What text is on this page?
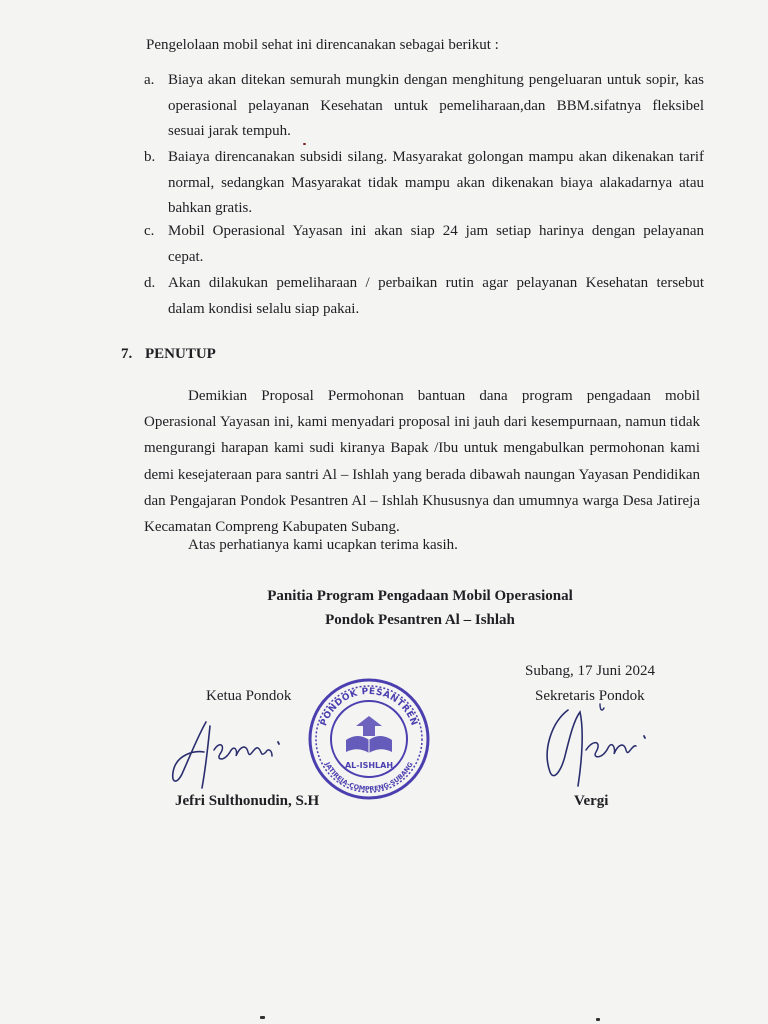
Pengelolaan mobil sehat ini direncanakan sebagai berikut :
a. Biaya akan ditekan semurah mungkin dengan menghitung pengeluaran untuk sopir, kas
operasional pelayanan Kesehatan untuk pemeliharaan,dan BBM.sifatnya fleksibel
sesuai jarak tempuh.
b. Baiaya direncanakan subsidi silang. Masyarakat golongan mampu akan dikenakan tarif
normal, sedangkan Masyarakat tidak mampu akan dikenakan biaya alakadarnya atau
bahkan gratis.
c. Mobil Operasional Yayasan ini akan siap 24 jam setiap harinya dengan pelayanan
cepat.
d. Akan dilakukan pemeliharaan / perbaikan rutin agar pelayanan Kesehatan tersebut
dalam kondisi selalu siap pakai.
7. PENUTUP

Demikian Proposal Permohonan bantuan dana program pengadaan mobil Operasional Yayasan ini, kami menyadari proposal ini jauh dari kesempurnaan, namun tidak mengurangi harapan kami sudi kiranya Bapak /Ibu untuk mengabulkan permohonan kami demi kesejateraan para santri Al – Ishlah yang berada dibawah naungan Yayasan Pendidikan dan Pengajaran Pondok Pesantren Al – Ishlah Khususnya dan umumnya warga Desa Jatireja Kecamatan Compreng Kabupaten Subang.

Atas perhatianya kami ucapkan terima kasih.
Panitia Program Pengadaan Mobil Operasional
Pondok Pesantren Al – Ishlah
Subang, 17 Juni 2024
Ketua Pondok	Sekretaris Pondok
PONDOK PESANTREN
JATIREJA-COMPRENG-SUBANG
AL-ISHLAH
Jefri Sulthonudin, S.H	Vergi
